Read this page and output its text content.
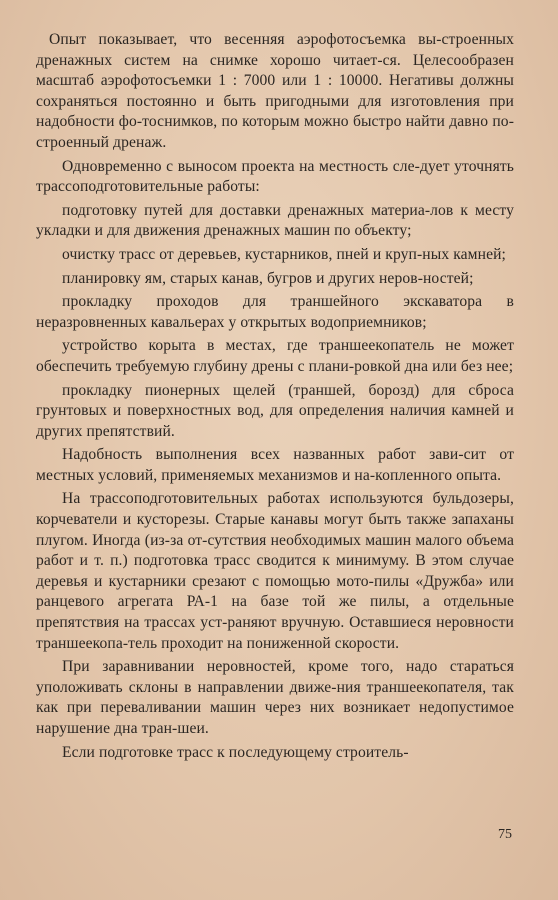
Опыт показывает, что весенняя аэрофотосъемка вы-строенных дренажных систем на снимке хорошо читает-ся. Целесообразен масштаб аэрофотосъемки 1 : 7000 или 1 : 10000. Негативы должны сохраняться постоянно и быть пригодными для изготовления при надобности фо-тоснимков, по которым можно быстро найти давно по-строенный дренаж.

Одновременно с выносом проекта на местность сле-дует уточнять трассоподготовительные работы:

подготовку путей для доставки дренажных материа-лов к месту укладки и для движения дренажных машин по объекту;

очистку трасс от деревьев, кустарников, пней и круп-ных камней;

планировку ям, старых канав, бугров и других неров-ностей;

прокладку проходов для траншейного экскаватора в неразровненных кавальерах у открытых водоприемников;

устройство корыта в местах, где траншеекопатель не может обеспечить требуемую глубину дрены с плани-ровкой дна или без нее;

прокладку пионерных щелей (траншей, борозд) для сброса грунтовых и поверхностных вод, для определения наличия камней и других препятствий.

Надобность выполнения всех названных работ зави-сит от местных условий, применяемых механизмов и на-копленного опыта.

На трассоподготовительных работах используются бульдозеры, корчеватели и кусторезы. Старые канавы могут быть также запаханы плугом. Иногда (из-за от-сутствия необходимых машин малого объема работ и т. п.) подготовка трасс сводится к минимуму. В этом случае деревья и кустарники срезают с помощью мото-пилы «Дружба» или ранцевого агрегата РА-1 на базе той же пилы, а отдельные препятствия на трассах уст-раняют вручную. Оставшиеся неровности траншеекопа-тель проходит на пониженной скорости.

При заравнивании неровностей, кроме того, надо стараться уположивать склоны в направлении движе-ния траншеекопателя, так как при переваливании машин через них возникает недопустимое нарушение дна тран-шеи.

Если подготовке трасс к последующему строитель-

75
